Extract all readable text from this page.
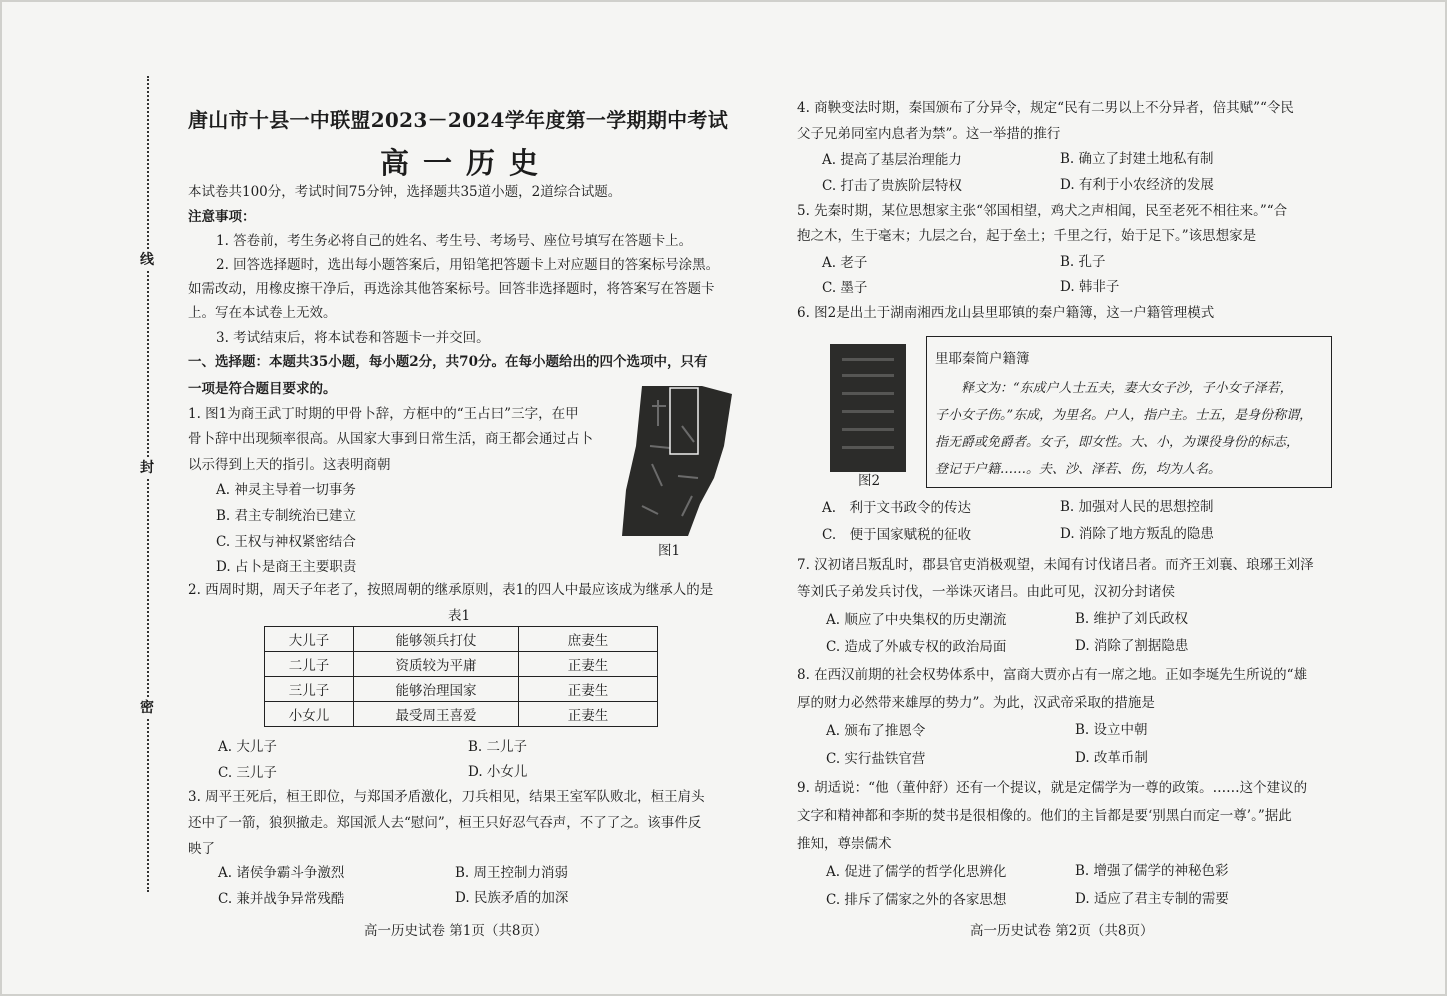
线
封
密
唐山市十县一中联盟2023－2024学年度第一学期期中考试
高一历史
本试卷共100分，考试时间75分钟，选择题共35道小题，2道综合试题。
注意事项：
1. 答卷前，考生务必将自己的姓名、考生号、考场号、座位号填写在答题卡上。
2. 回答选择题时，选出每小题答案后，用铅笔把答题卡上对应题目的答案标号涂黑。
如需改动，用橡皮擦干净后，再选涂其他答案标号。回答非选择题时，将答案写在答题卡
上。写在本试卷上无效。
3. 考试结束后，将本试卷和答题卡一并交回。
一、选择题：本题共35小题，每小题2分，共70分。在每小题给出的四个选项中，只有
一项是符合题目要求的。
1. 图1为商王武丁时期的甲骨卜辞，方框中的“王占曰”三字，在甲
骨卜辞中出现频率很高。从国家大事到日常生活，商王都会通过占卜
以示得到上天的指引。这表明商朝
A. 神灵主导着一切事务
B. 君主专制统治已建立
C. 王权与神权紧密结合
D. 占卜是商王主要职责
图1
2. 西周时期，周天子年老了，按照周朝的继承原则，表1的四人中最应该成为继承人的是
表1
大儿子	能够领兵打仗	庶妻生
二儿子	资质较为平庸	正妻生
三儿子	能够治理国家	正妻生
小女儿	最受周王喜爱	正妻生
A. 大儿子	B. 二儿子
C. 三儿子	D. 小女儿
3. 周平王死后，桓王即位，与郑国矛盾激化，刀兵相见，结果王室军队败北，桓王肩头
还中了一箭，狼狈撤走。郑国派人去“慰问”，桓王只好忍气吞声，不了了之。该事件反
映了
A. 诸侯争霸斗争激烈	B. 周王控制力消弱
C. 兼并战争异常残酷	D. 民族矛盾的加深
高一历史试卷 第1页（共8页）
4. 商鞅变法时期，秦国颁布了分异令，规定“民有二男以上不分异者，倍其赋”“令民
父子兄弟同室内息者为禁”。这一举措的推行
A. 提高了基层治理能力	B. 确立了封建土地私有制
C. 打击了贵族阶层特权	D. 有利于小农经济的发展
5. 先秦时期，某位思想家主张“邻国相望，鸡犬之声相闻，民至老死不相往来。”“合
抱之木，生于毫末；九层之台，起于垒土；千里之行，始于足下。”该思想家是
A. 老子	B. 孔子
C. 墨子	D. 韩非子
6. 图2是出土于湖南湘西龙山县里耶镇的秦户籍簿，这一户籍管理模式
图2
里耶秦简户籍簿
释文为：“东成户人士五夫，妻大女子沙，子小女子泽若，
子小女子伤。”东成，为里名。户人，指户主。士五，是身份称谓，
指无爵或免爵者。女子，即女性。大、小，为课役身份的标志，
登记于户籍……。夫、沙、泽若、伤，均为人名。
A.　利于文书政令的传达	B. 加强对人民的思想控制
C.　便于国家赋税的征收	D. 消除了地方叛乱的隐患
7. 汉初诸吕叛乱时，郡县官吏消极观望，未闻有讨伐诸吕者。而齐王刘襄、琅琊王刘泽
等刘氏子弟发兵讨伐，一举诛灭诸吕。由此可见，汉初分封诸侯
A. 顺应了中央集权的历史潮流	B. 维护了刘氏政权
C. 造成了外戚专权的政治局面	D. 消除了割据隐患
8. 在西汉前期的社会权势体系中，富商大贾亦占有一席之地。正如李埏先生所说的“雄
厚的财力必然带来雄厚的势力”。为此，汉武帝采取的措施是
A. 颁布了推恩令	B. 设立中朝
C. 实行盐铁官营	D. 改革币制
9. 胡适说：“他（董仲舒）还有一个提议，就是定儒学为一尊的政策。……这个建议的
文字和精神都和李斯的焚书是很相像的。他们的主旨都是要‘别黑白而定一尊’。”据此
推知，尊崇儒术
A. 促进了儒学的哲学化思辨化	B. 增强了儒学的神秘色彩
C. 排斥了儒家之外的各家思想	D. 适应了君主专制的需要
高一历史试卷 第2页（共8页）
